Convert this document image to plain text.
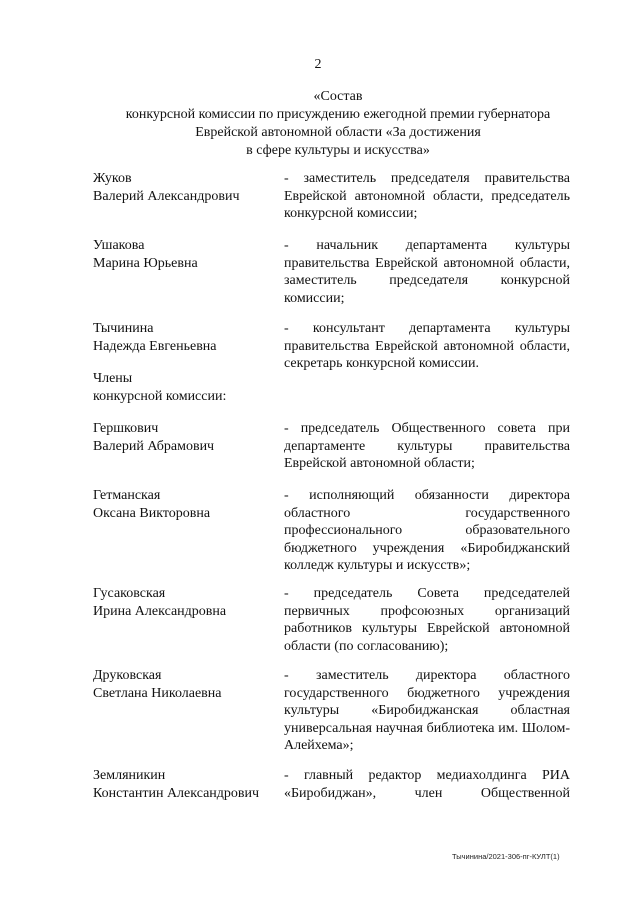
2
«Состав
конкурсной комиссии по присуждению ежегодной премии губернатора
Еврейской автономной области «За достижения
в сфере культуры и искусства»
Жуков
Валерий Александрович
- заместитель председателя правительства Еврейской автономной области, председатель конкурсной комиссии;
Ушакова
Марина Юрьевна
- начальник департамента культуры правительства Еврейской автономной области, заместитель председателя конкурсной комиссии;
Тычинина
Надежда Евгеньевна
- консультант департамента культуры правительства Еврейской автономной области, секретарь конкурсной комиссии.
Члены
конкурсной комиссии:
Гершкович
Валерий Абрамович
- председатель Общественного совета при департаменте культуры правительства Еврейской автономной области;
Гетманская
Оксана Викторовна
- исполняющий обязанности директора областного государственного профессионального образовательного бюджетного учреждения «Биробиджанский колледж культуры и искусств»;
Гусаковская
Ирина Александровна
- председатель Совета председателей первичных профсоюзных организаций работников культуры Еврейской автономной области (по согласованию);
Друковская
Светлана Николаевна
- заместитель директора областного государственного бюджетного учреждения культуры «Биробиджанская областная универсальная научная библиотека им. Шолом-Алейхема»;
Земляникин
Константин Александрович
- главный редактор медиахолдинга РИА «Биробиджан», член Общественной
Тычинина/2021-306-пг-КУЛТ(1)
